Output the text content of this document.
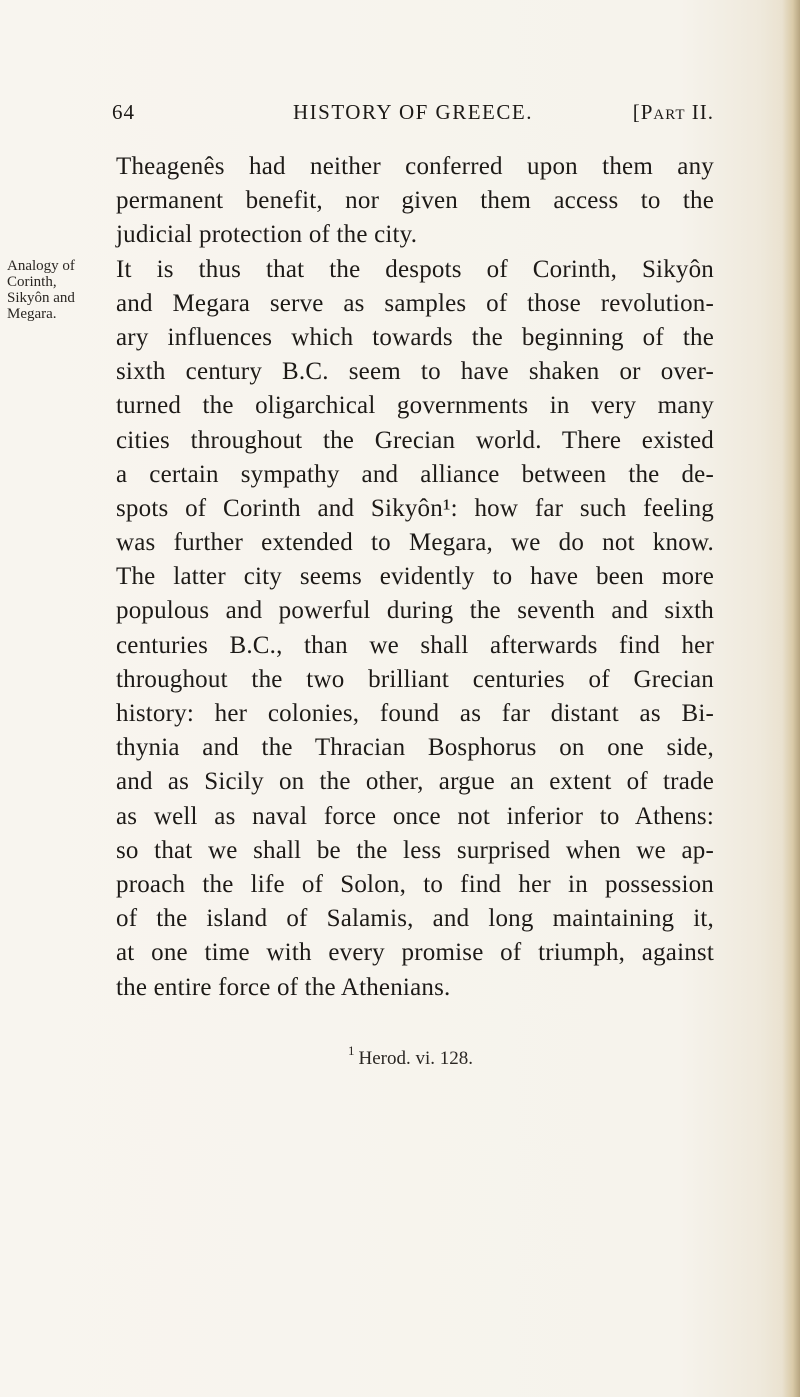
64	HISTORY OF GREECE.	[Part II.
Analogy of
Corinth,
Sikyôn and
Megara.
Theagenês had neither conferred upon them any
permanent benefit, nor given them access to the
judicial protection of the city.
It is thus that the despots of Corinth, Sikyôn
and Megara serve as samples of those revolution-
ary influences which towards the beginning of the
sixth century B.C. seem to have shaken or over-
turned the oligarchical governments in very many
cities throughout the Grecian world. There existed
a certain sympathy and alliance between the de-
spots of Corinth and Sikyôn¹: how far such feeling
was further extended to Megara, we do not know.
The latter city seems evidently to have been more
populous and powerful during the seventh and sixth
centuries B.C., than we shall afterwards find her
throughout the two brilliant centuries of Grecian
history: her colonies, found as far distant as Bi-
thynia and the Thracian Bosphorus on one side,
and as Sicily on the other, argue an extent of trade
as well as naval force once not inferior to Athens:
so that we shall be the less surprised when we ap-
proach the life of Solon, to find her in possession
of the island of Salamis, and long maintaining it,
at one time with every promise of triumph, against
the entire force of the Athenians.
$^1$ Herod. vi. 128.
